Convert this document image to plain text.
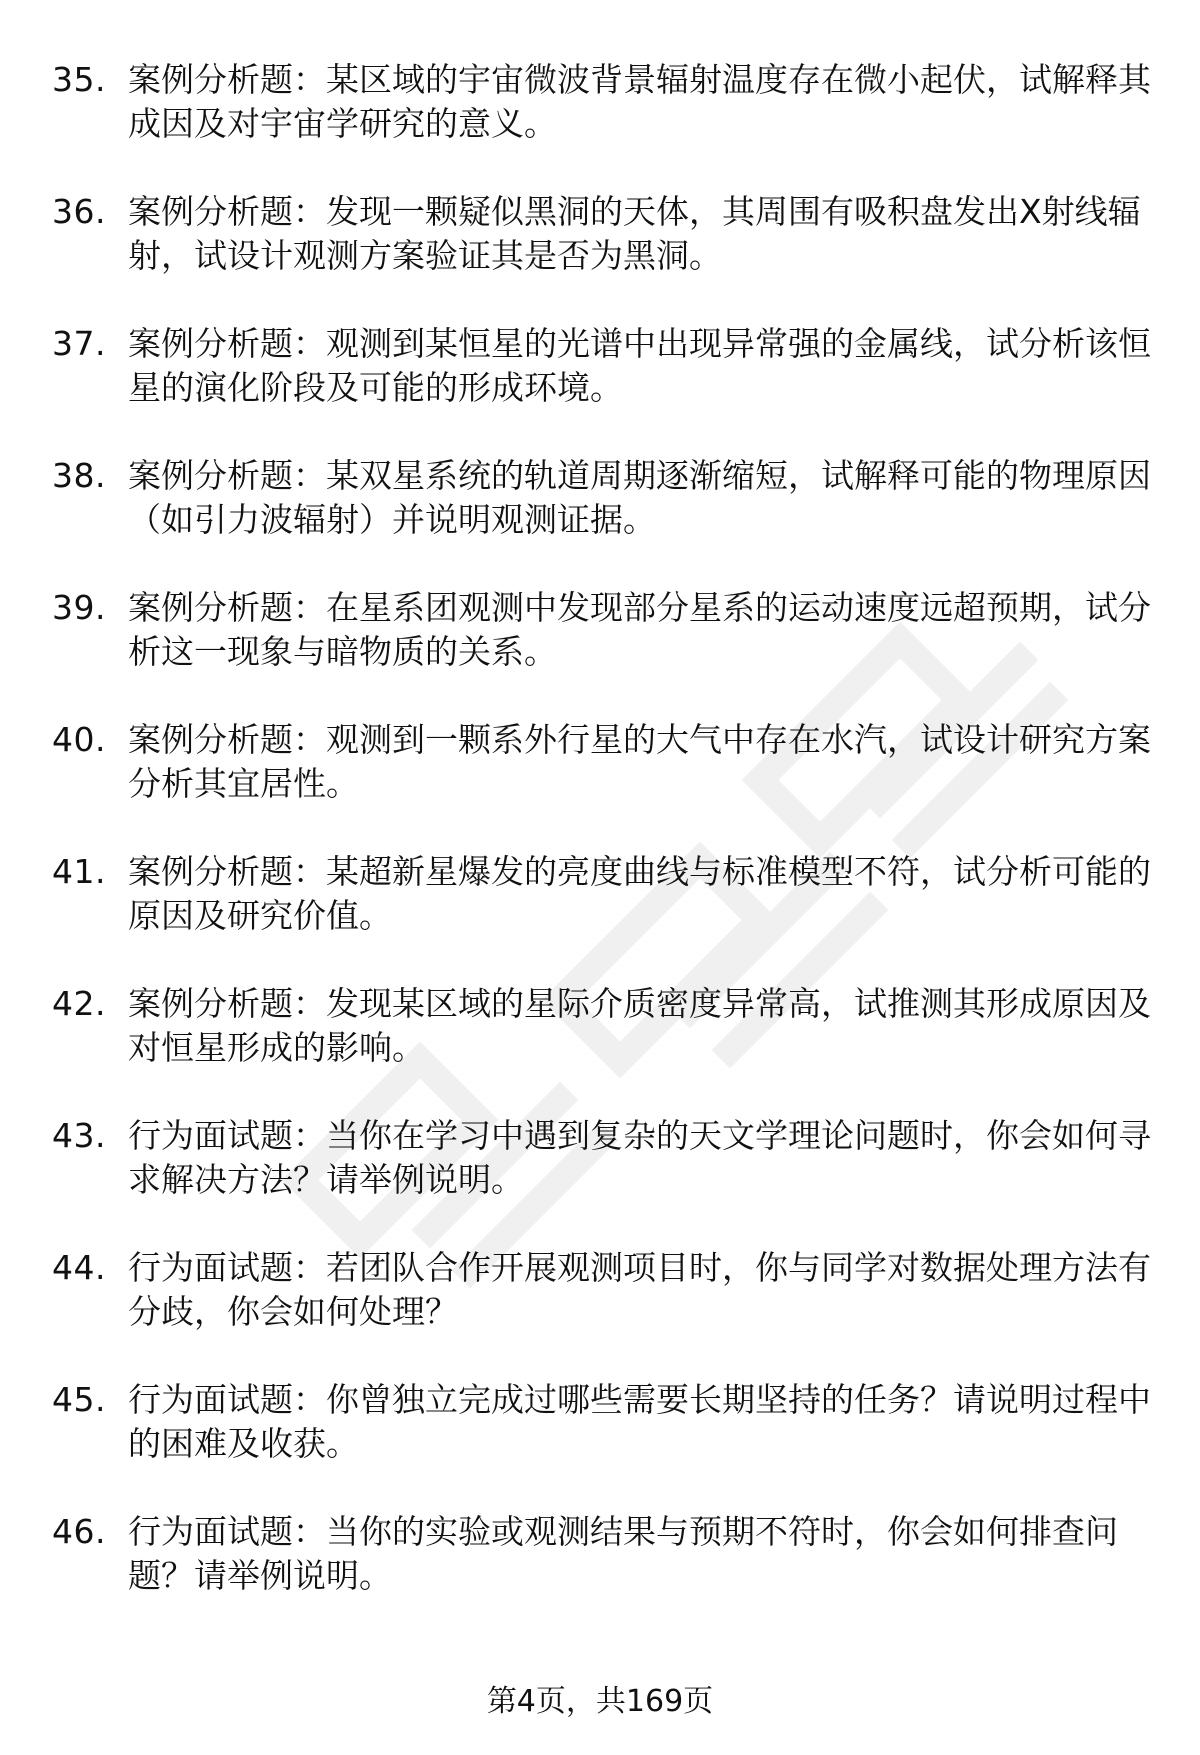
35. 案例分析题：某区域的宇宙微波背景辐射温度存在微小起伏，试解释其成因及对宇宙学研究的意义。
36. 案例分析题：发现一颗疑似黑洞的天体，其周围有吸积盘发出X射线辐射，试设计观测方案验证其是否为黑洞。
37. 案例分析题：观测到某恒星的光谱中出现异常强的金属线，试分析该恒星的演化阶段及可能的形成环境。
38. 案例分析题：某双星系统的轨道周期逐渐缩短，试解释可能的物理原因（如引力波辐射）并说明观测证据。
39. 案例分析题：在星系团观测中发现部分星系的运动速度远超预期，试分析这一现象与暗物质的关系。
40. 案例分析题：观测到一颗系外行星的大气中存在水汽，试设计研究方案分析其宜居性。
41. 案例分析题：某超新星爆发的亮度曲线与标准模型不符，试分析可能的原因及研究价值。
42. 案例分析题：发现某区域的星际介质密度异常高，试推测其形成原因及对恒星形成的影响。
43. 行为面试题：当你在学习中遇到复杂的天文学理论问题时，你会如何寻求解决方法？请举例说明。
44. 行为面试题：若团队合作开展观测项目时，你与同学对数据处理方法有分歧，你会如何处理？
45. 行为面试题：你曾独立完成过哪些需要长期坚持的任务？请说明过程中的困难及收获。
46. 行为面试题：当你的实验或观测结果与预期不符时，你会如何排查问题？请举例说明。
第4页，共169页
